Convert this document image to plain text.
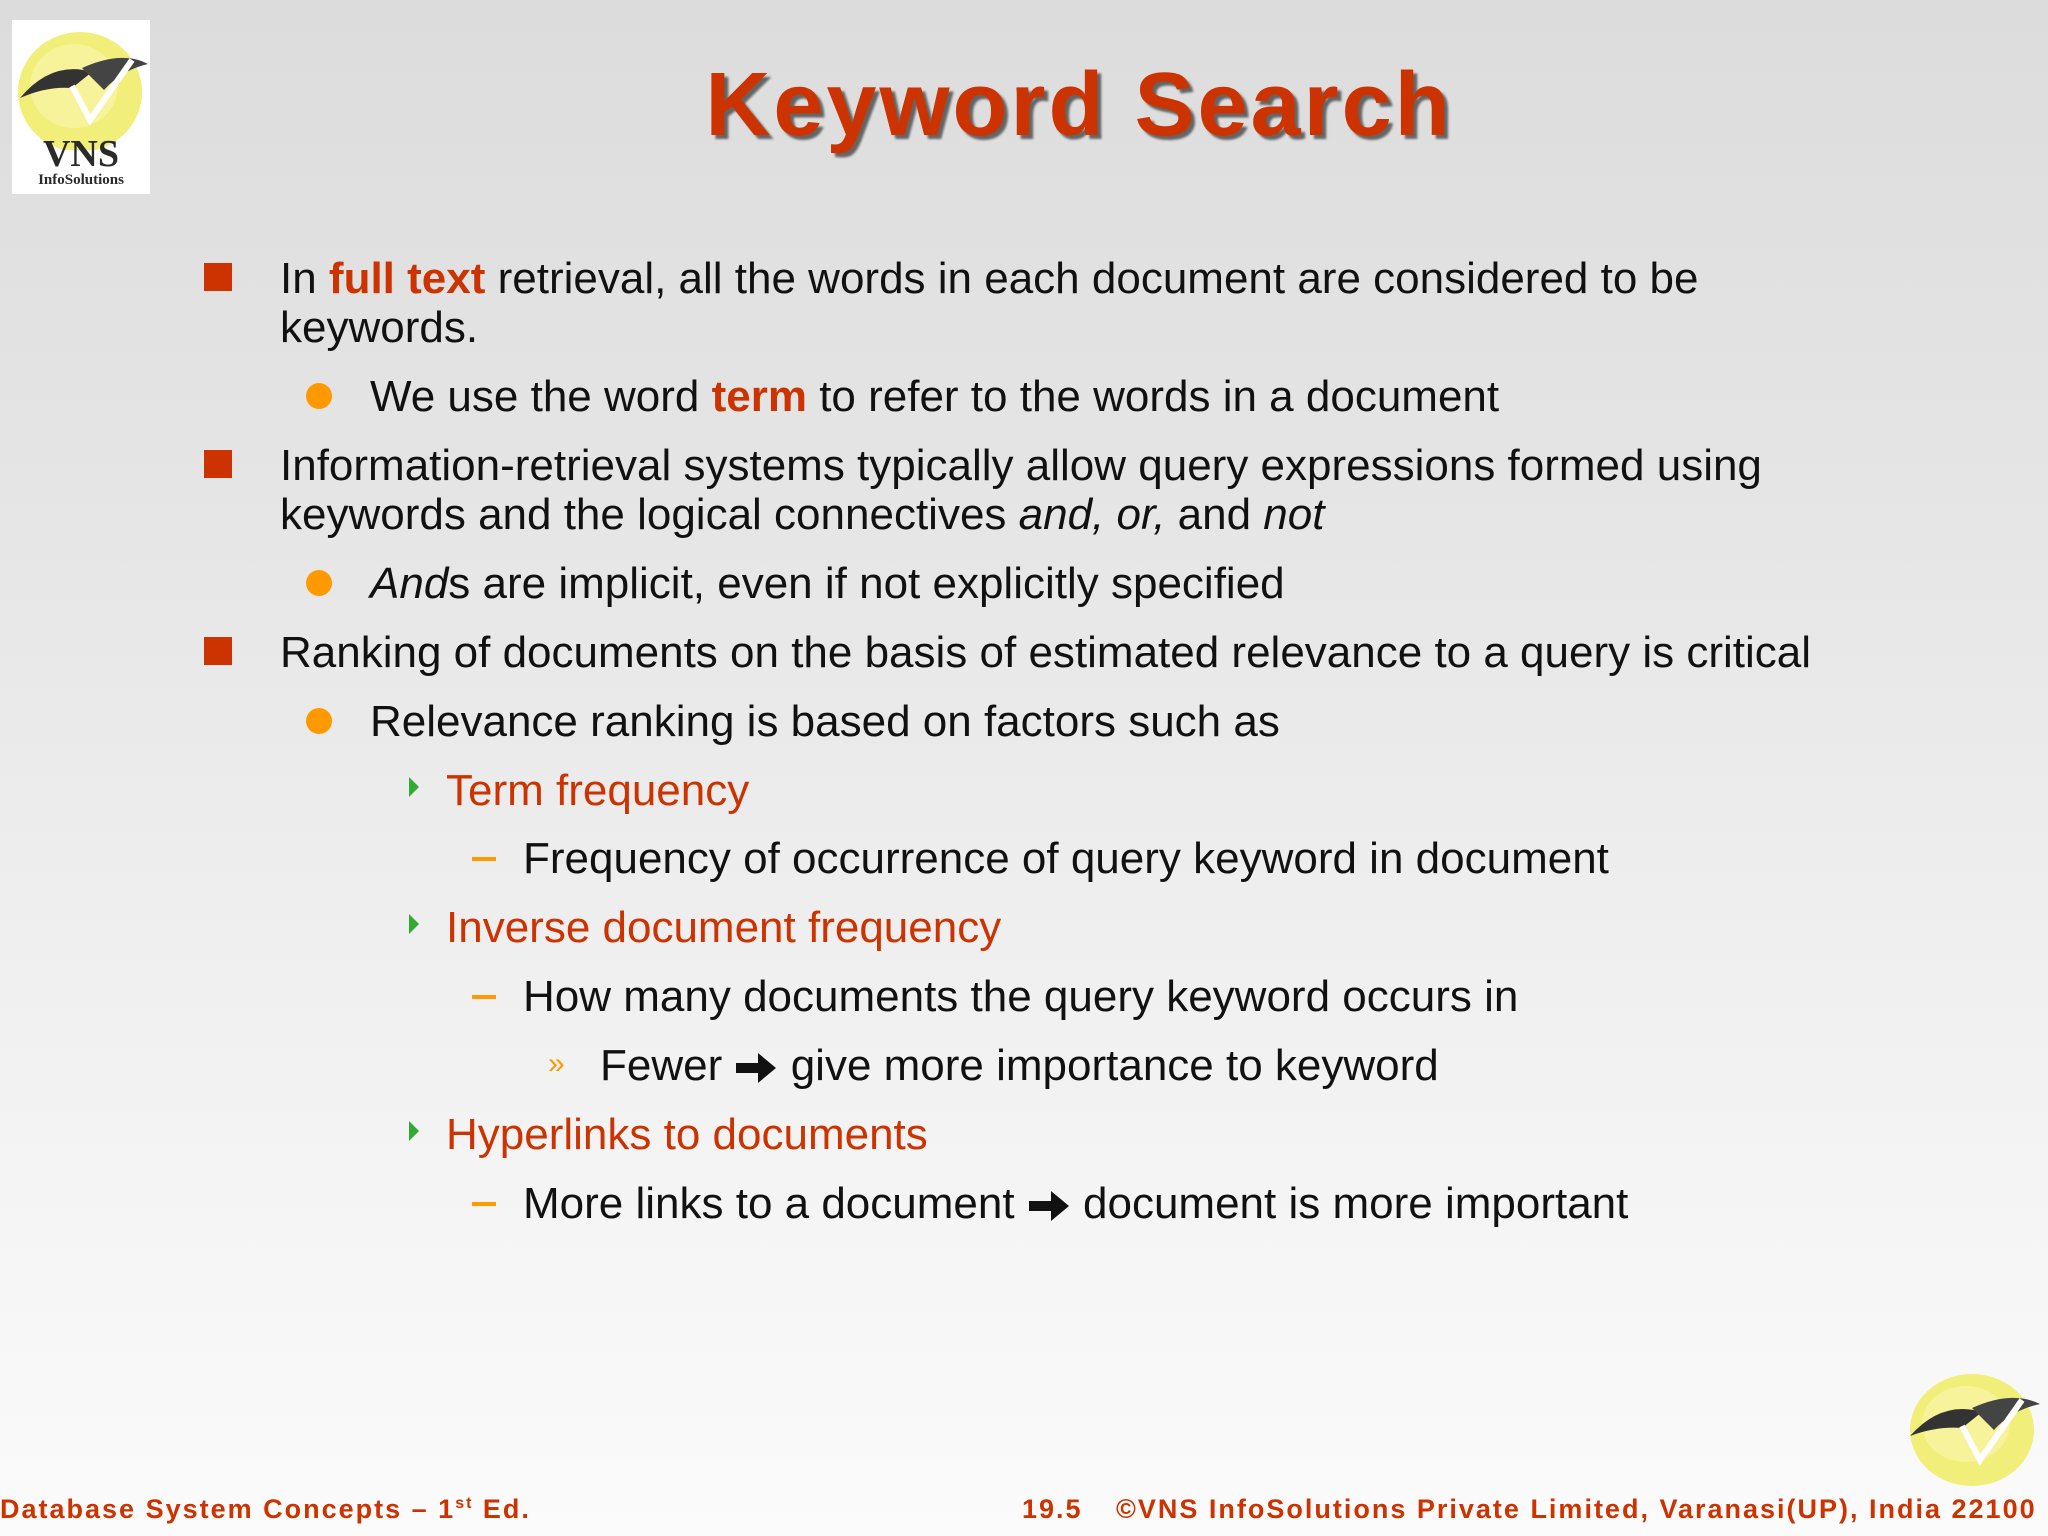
VNS
InfoSolutions
Keyword Search
In full text retrieval, all the words in each document are considered to be
keywords.
We use the word term to refer to the words in a document
Information-retrieval systems typically allow query expressions formed using
keywords and the logical connectives and, or, and not
Ands are implicit, even if not explicitly specified
Ranking of documents on the basis of estimated relevance to a query is critical
Relevance ranking is based on factors such as
Term frequency
Frequency of occurrence of query keyword in document
Inverse document frequency
How many documents the query keyword occurs in
» Fewer  give more importance to keyword
Hyperlinks to documents
More links to a document  document is more important
Database System Concepts – 1st Ed.	19.5 ©VNS InfoSolutions Private Limited, Varanasi(UP), India 22100
